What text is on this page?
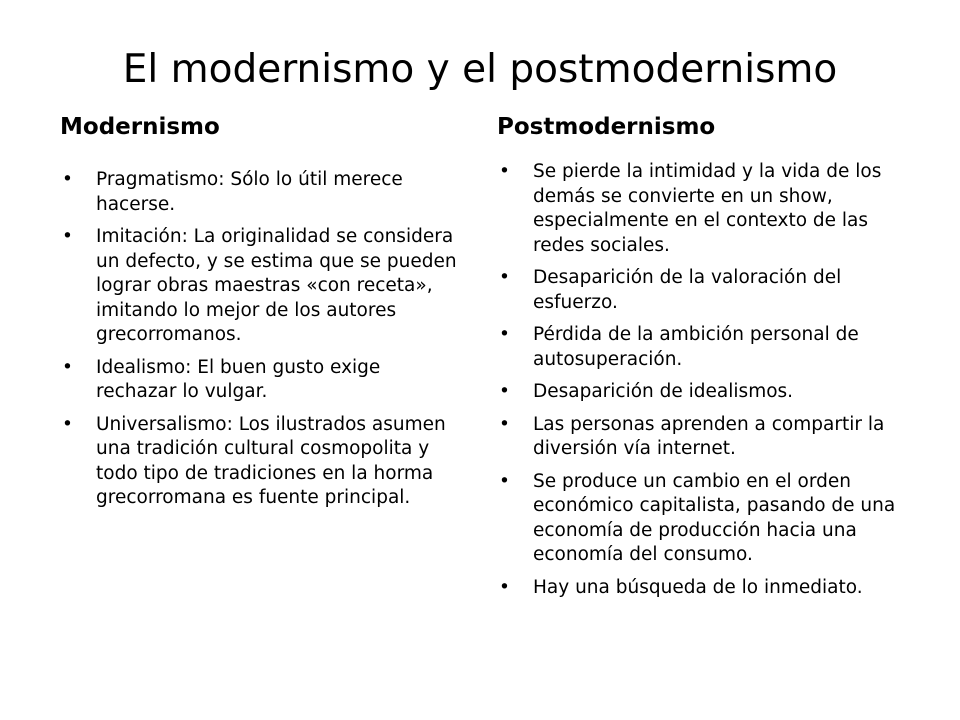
El modernismo y el postmodernismo
Modernismo	Postmodernismo
•	Pragmatismo: Sólo lo útil merece hacerse.
•	Imitación: La originalidad se considera un defecto, y se estima que se pueden lograr obras maestras «con receta», imitando lo mejor de los autores grecorromanos.
•	Idealismo: El buen gusto exige rechazar lo vulgar.
•	Universalismo: Los ilustrados asumen una tradición cultural cosmopolita y todo tipo de tradiciones en la horma grecorromana es fuente principal.
•	Se pierde la intimidad y la vida de los demás se convierte en un show, especialmente en el contexto de las redes sociales.
•	Desaparición de la valoración del esfuerzo.
•	Pérdida de la ambición personal de autosuperación.
•	Desaparición de idealismos.
•	Las personas aprenden a compartir la diversión vía internet.
•	Se produce un cambio en el orden económico capitalista, pasando de una economía de producción hacia una economía del consumo.
•	Hay una búsqueda de lo inmediato.
